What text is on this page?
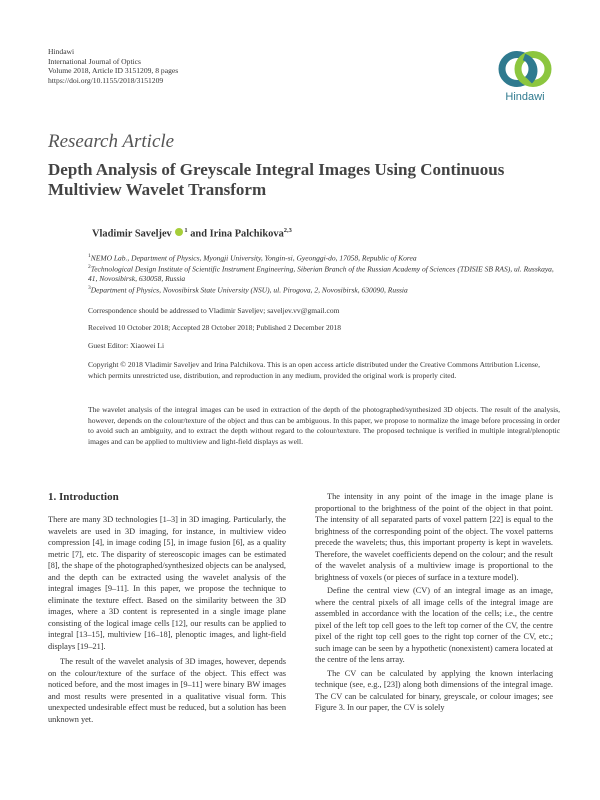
Hindawi
International Journal of Optics
Volume 2018, Article ID 3151209, 8 pages
https://doi.org/10.1155/2018/3151209
Hindawi
Research Article
Depth Analysis of Greyscale Integral Images Using Continuous Multiview Wavelet Transform
Vladimir Saveljev $^1$ and Irina Palchikova$^{2,3}$
$^1$NEMO Lab., Department of Physics, Myongji University, Yongin-si, Gyeonggi-do, 17058, Republic of Korea
$^2$Technological Design Institute of Scientific Instrument Engineering, Siberian Branch of the Russian Academy of Sciences (TDISIE SB RAS), ul. Russkaya, 41, Novosibirsk, 630058, Russia
$^3$Department of Physics, Novosibirsk State University (NSU), ul. Pirogova, 2, Novosibirsk, 630090, Russia
Correspondence should be addressed to Vladimir Saveljev; saveljev.vv@gmail.com
Received 10 October 2018; Accepted 28 October 2018; Published 2 December 2018
Guest Editor: Xiaowei Li
Copyright © 2018 Vladimir Saveljev and Irina Palchikova. This is an open access article distributed under the Creative Commons Attribution License, which permits unrestricted use, distribution, and reproduction in any medium, provided the original work is properly cited.
The wavelet analysis of the integral images can be used in extraction of the depth of the photographed/synthesized 3D objects. The result of the analysis, however, depends on the colour/texture of the object and thus can be ambiguous. In this paper, we propose to normalize the image before processing in order to avoid such an ambiguity, and to extract the depth without regard to the colour/texture. The proposed technique is verified in multiple integral/plenoptic images and can be applied to multiview and light-field displays as well.
1. Introduction

There are many 3D technologies [1–3] in 3D imaging. Particularly, the wavelets are used in 3D imaging, for instance, in multiview video compression [4], in image coding [5], in image fusion [6], as a quality metric [7], etc. The disparity of stereoscopic images can be estimated [8], the shape of the photographed/synthesized objects can be analysed, and the depth can be extracted using the wavelet analysis of the integral images [9–11]. In this paper, we propose the technique to eliminate the texture effect. Based on the similarity between the 3D images, where a 3D content is represented in a single image plane consisting of the logical image cells [12], our results can be applied to integral [13–15], multiview [16–18], plenoptic images, and light-field displays [19–21].

The result of the wavelet analysis of 3D images, however, depends on the colour/texture of the surface of the object. This effect was noticed before, and the most images in [9–11] were binary BW images and most results were presented in a qualitative visual form. This unexpected undesirable effect must be reduced, but a solution has been unknown yet.

The intensity in any point of the image in the image plane is proportional to the brightness of the point of the object in that point. The intensity of all separated parts of voxel pattern [22] is equal to the brightness of the corresponding point of the object. The voxel patterns precede the wavelets; thus, this important property is kept in wavelets. Therefore, the wavelet coefficients depend on the colour; and the result of the wavelet analysis of a multiview image is proportional to the brightness of voxels (or pieces of surface in a texture model).

Define the central view (CV) of an integral image as an image, where the central pixels of all image cells of the integral image are assembled in accordance with the location of the cells; i.e., the centre pixel of the left top cell goes to the left top corner of the CV, the centre pixel of the right top cell goes to the right top corner of the CV, etc.; such image can be seen by a hypothetic (nonexistent) camera located at the centre of the lens array.

The CV can be calculated by applying the known interlacing technique (see, e.g., [23]) along both dimensions of the integral image. The CV can be calculated for binary, greyscale, or colour images; see Figure 3. In our paper, the CV is solely
